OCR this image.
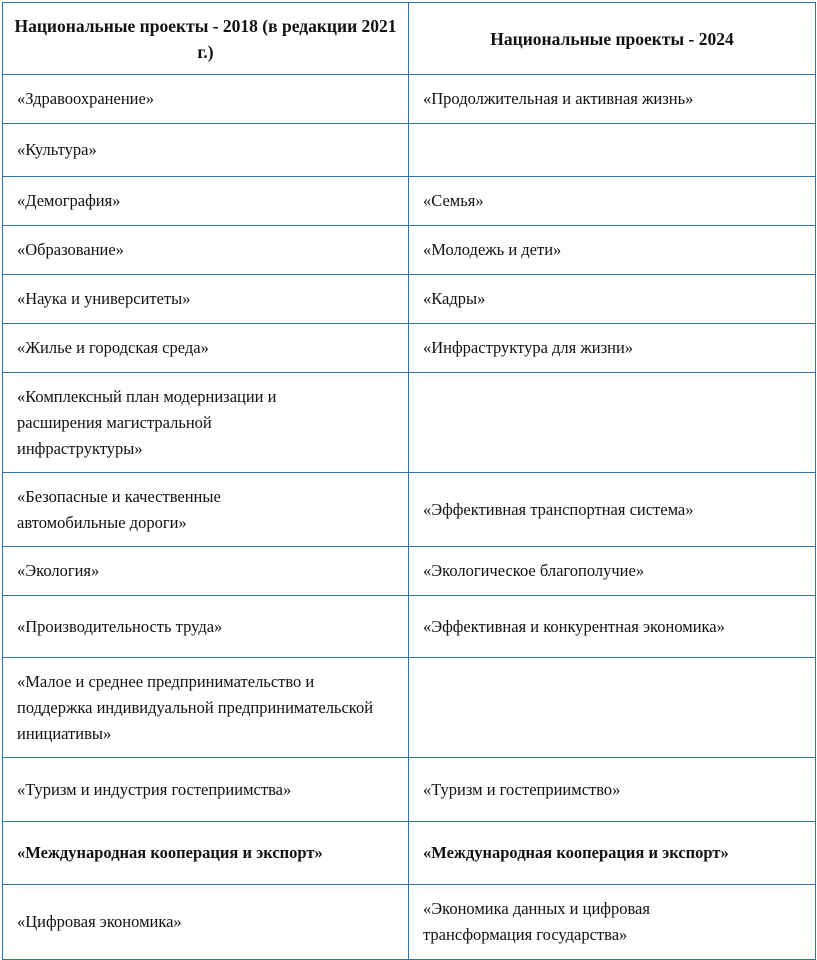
Национальные проекты - 2018 (в редакции 2021 г.)	Национальные проекты - 2024
«Здравоохранение»	«Продолжительная и активная жизнь»
«Культура»	
«Демография»	«Семья»
«Образование»	«Молодежь и дети»
«Наука и университеты»	«Кадры»
«Жилье и городская среда»	«Инфраструктура для жизни»
«Комплексный план модернизации и расширения магистральной инфраструктуры»	
«Безопасные и качественные автомобильные дороги»	«Эффективная транспортная система»
«Экология»	«Экологическое благополучие»
«Производительность труда»	«Эффективная и конкурентная экономика»
«Малое и среднее предпринимательство и поддержка индивидуальной предпринимательской инициативы»	
«Туризм и индустрия гостеприимства»	«Туризм и гостеприимство»
«Международная кооперация и экспорт»	«Международная кооперация и экспорт»
«Цифровая экономика»	«Экономика данных и цифровая трансформация государства»
